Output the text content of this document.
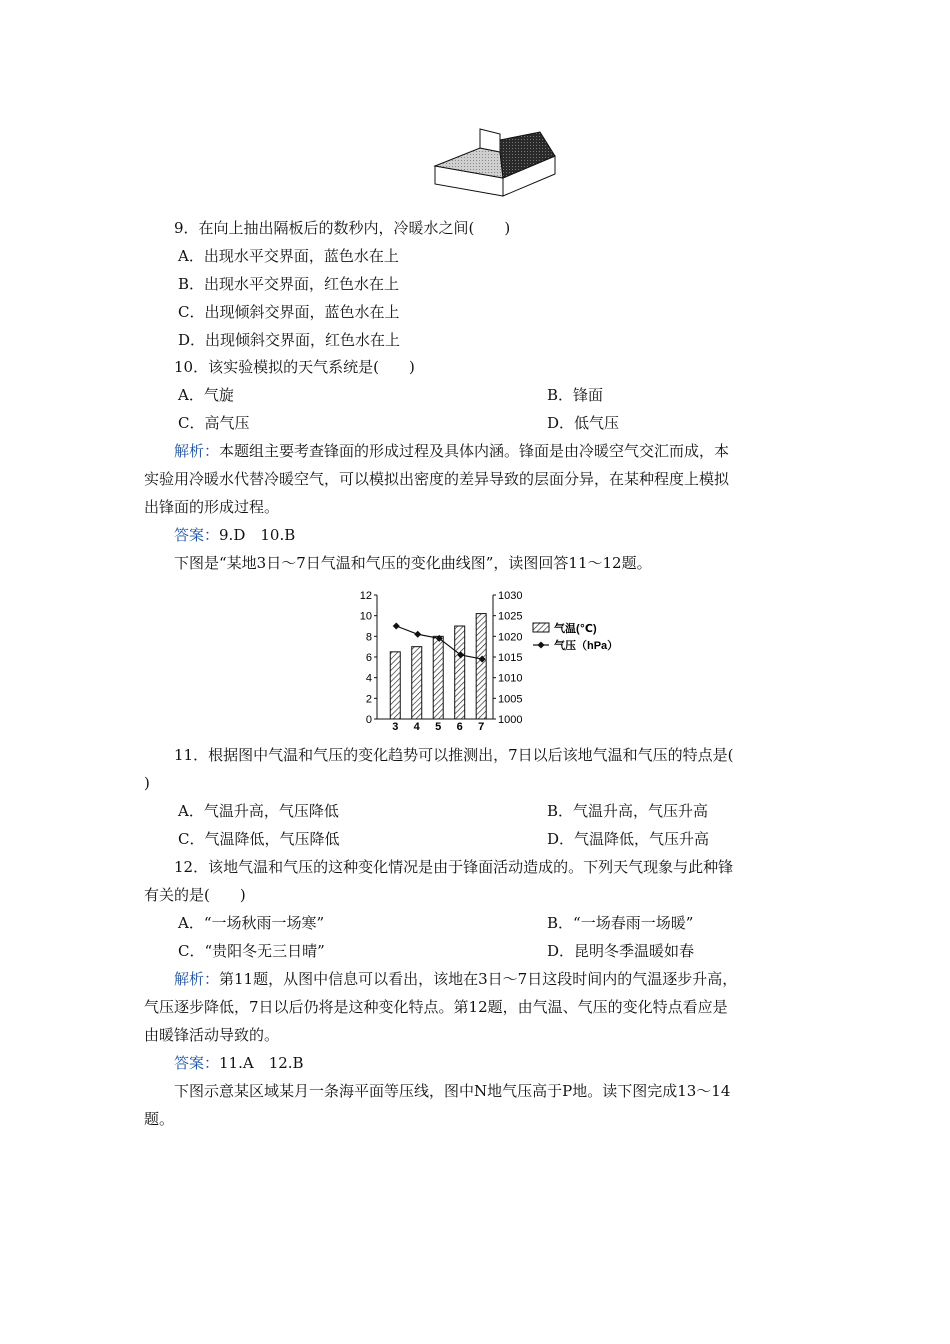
9．在向上抽出隔板后的数秒内，冷暖水之间(　　)
A．出现水平交界面，蓝色水在上
B．出现水平交界面，红色水在上
C．出现倾斜交界面，蓝色水在上
D．出现倾斜交界面，红色水在上
10．该实验模拟的天气系统是(　　)
A．气旋	B．锋面
C．高气压	D．低气压
解析：本题组主要考查锋面的形成过程及具体内涵。锋面是由冷暖空气交汇而成，本
实验用冷暖水代替冷暖空气，可以模拟出密度的差异导致的层面分异，在某种程度上模拟
出锋面的形成过程。
答案：9.D　10.B
下图是“某地3日～7日气温和气压的变化曲线图”，读图回答11～12题。
0
2
4
6
8
10
12
1000
1005
1010
1015
1020
1025
1030
3 4 5 6 7
气温(℃)
气压（hPa）
11．根据图中气温和气压的变化趋势可以推测出，7日以后该地气温和气压的特点是(
)
A．气温升高，气压降低	B．气温升高，气压升高
C．气温降低，气压降低	D．气温降低，气压升高
12．该地气温和气压的这种变化情况是由于锋面活动造成的。下列天气现象与此种锋
有关的是(　　)
A．“一场秋雨一场寒”	B．“一场春雨一场暖”
C．“贵阳冬无三日晴”	D．昆明冬季温暖如春
解析：第11题，从图中信息可以看出，该地在3日～7日这段时间内的气温逐步升高，
气压逐步降低，7日以后仍将是这种变化特点。第12题，由气温、气压的变化特点看应是
由暖锋活动导致的。
答案：11.A　12.B
下图示意某区域某月一条海平面等压线，图中N地气压高于P地。读下图完成13～14
题。
